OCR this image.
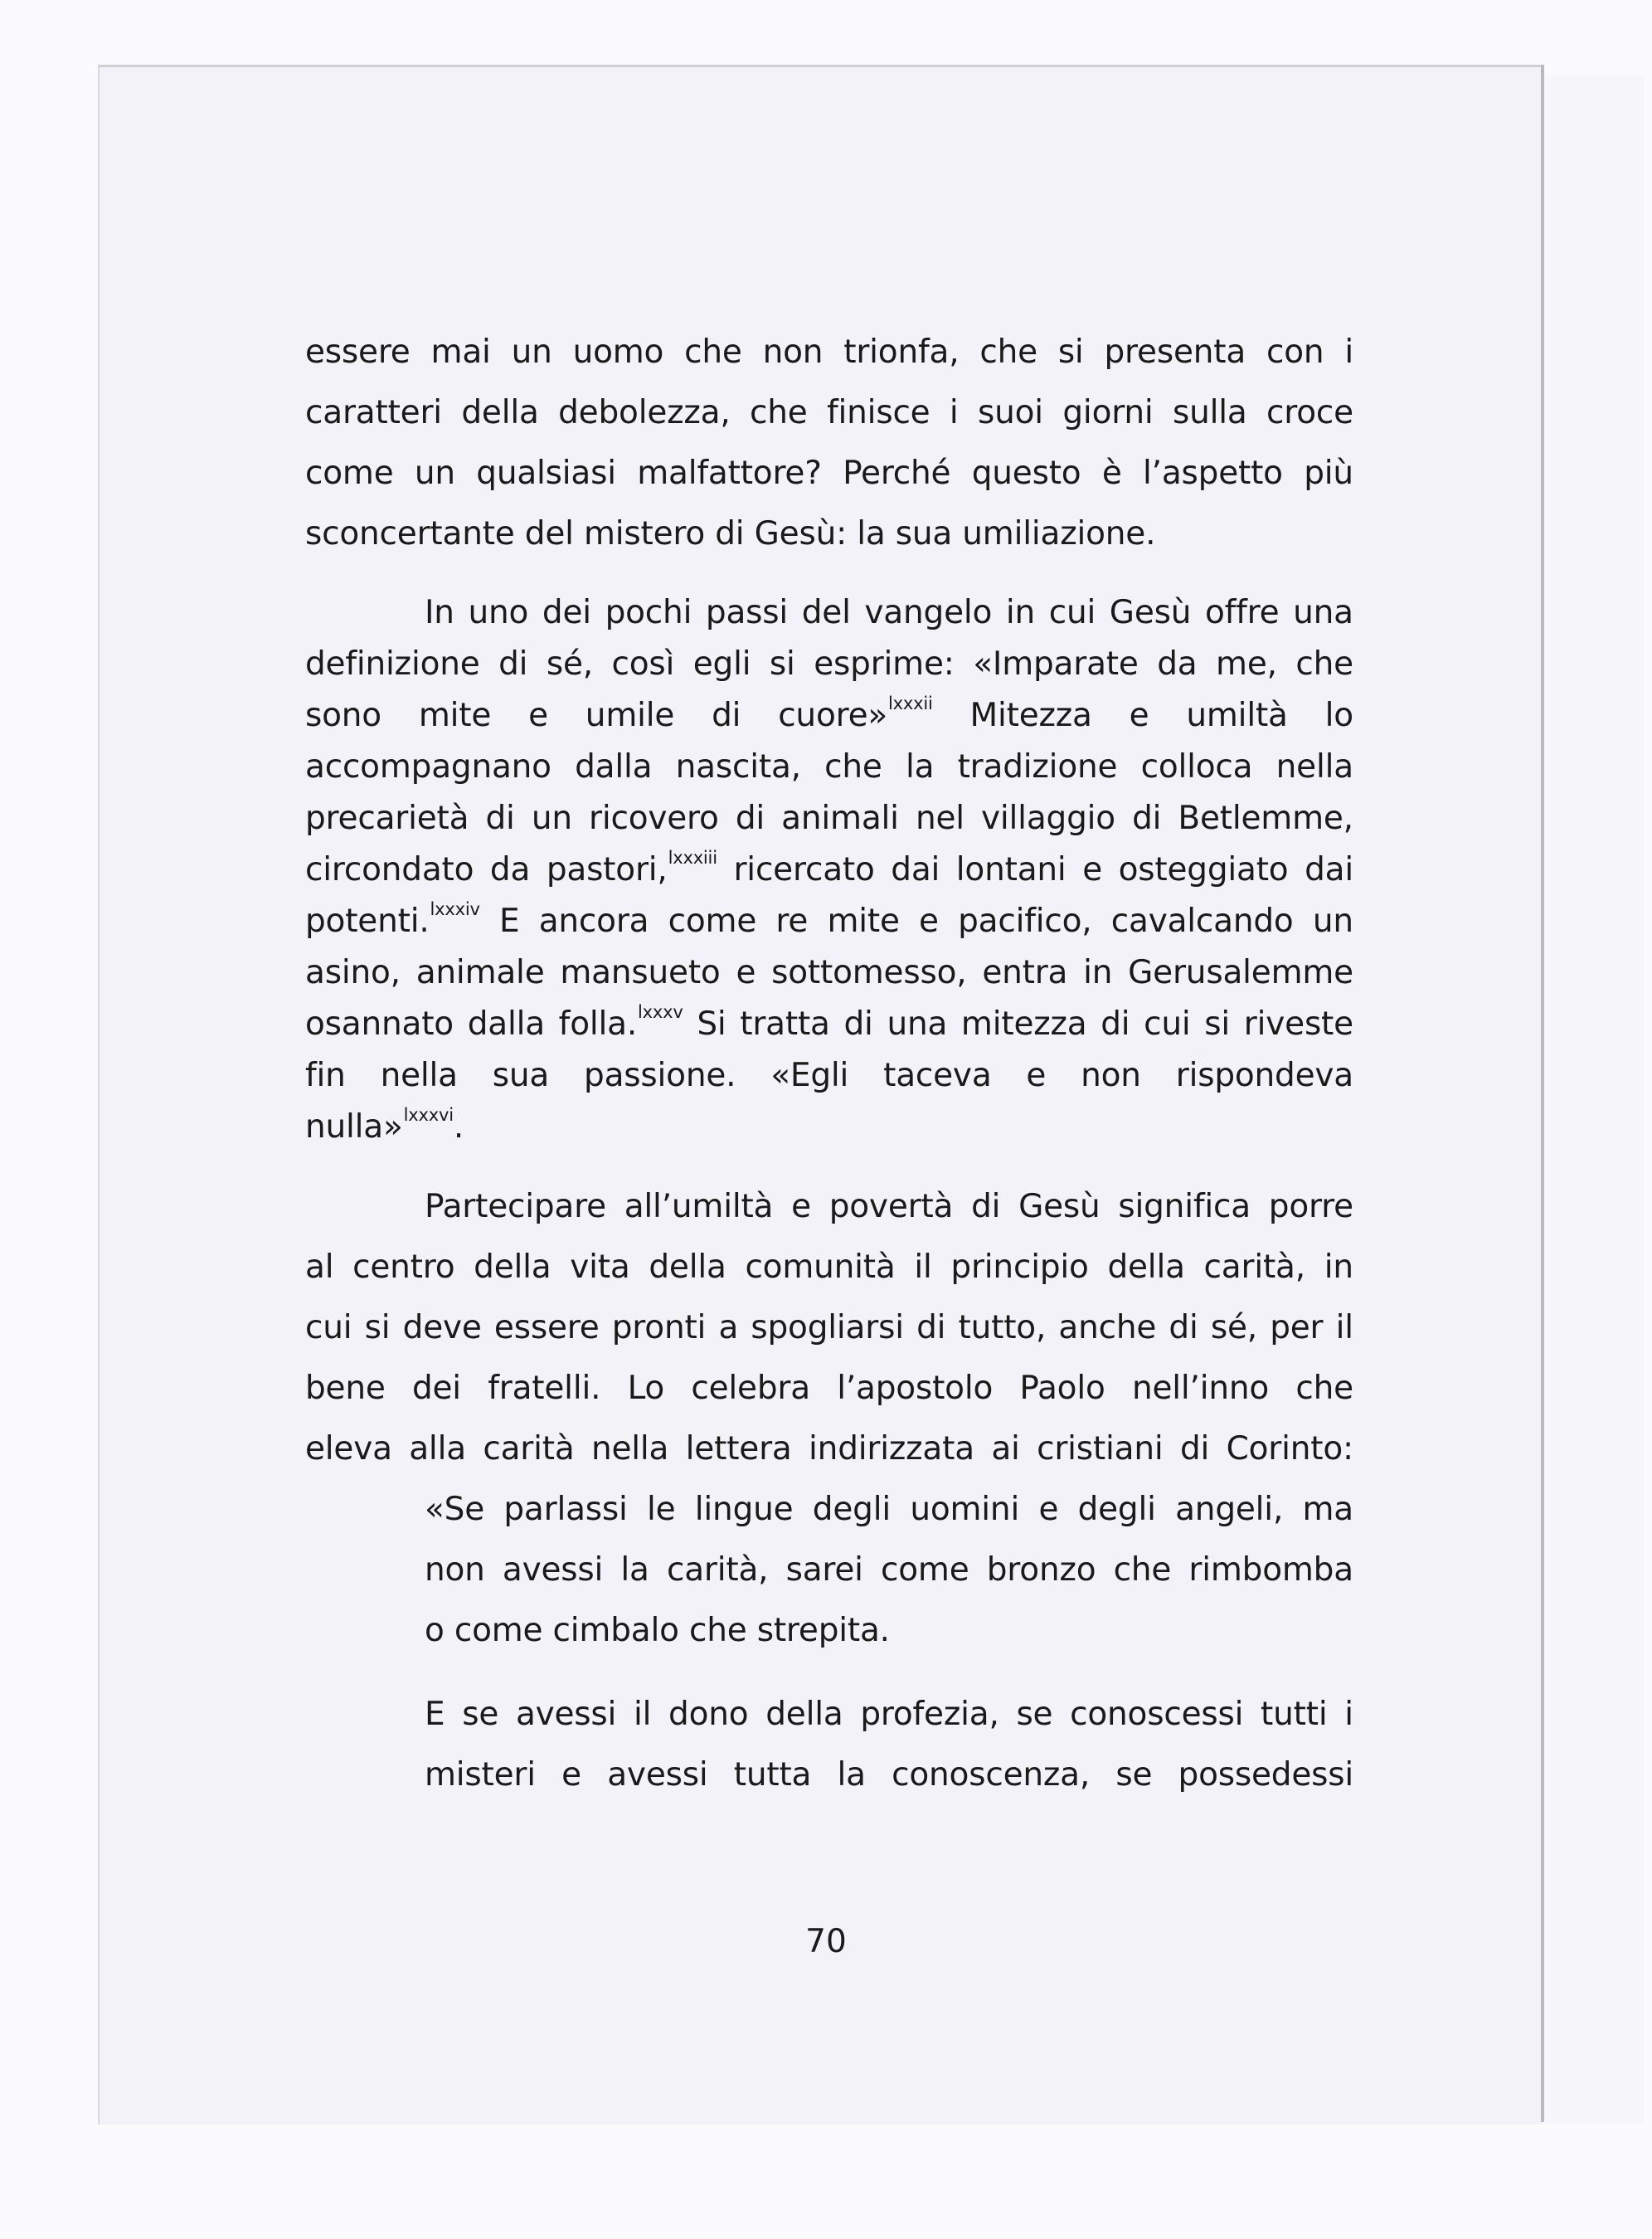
essere mai un uomo che non trionfa, che si presenta con i
caratteri della debolezza, che finisce i suoi giorni sulla croce
come un qualsiasi malfattore? Perché questo è l’aspetto più
sconcertante del mistero di Gesù: la sua umiliazione.
In uno dei pochi passi del vangelo in cui Gesù offre una
definizione di sé, così egli si esprime: «Imparate da me, che
sono mite e umile di cuore»$^{lxxxii}$ Mitezza e umiltà lo
accompagnano dalla nascita, che la tradizione colloca nella
precarietà di un ricovero di animali nel villaggio di Betlemme,
circondato da pastori,$^{lxxxiii}$ ricercato dai lontani e osteggiato dai
potenti.$^{lxxxiv}$ E ancora come re mite e pacifico, cavalcando un
asino, animale mansueto e sottomesso, entra in Gerusalemme
osannato dalla folla.$^{lxxxv}$ Si tratta di una mitezza di cui si riveste
fin nella sua passione. «Egli taceva e non rispondeva
nulla»$^{lxxxvi}$ .
Partecipare all’umiltà e povertà di Gesù significa porre
al centro della vita della comunità il principio della carità, in
cui si deve essere pronti a spogliarsi di tutto, anche di sé, per il
bene dei fratelli. Lo celebra l’apostolo Paolo nell’inno che
eleva alla carità nella lettera indirizzata ai cristiani di Corinto:
«Se parlassi le lingue degli uomini e degli angeli, ma
non avessi la carità, sarei come bronzo che rimbomba
o come cimbalo che strepita.
E se avessi il dono della profezia, se conoscessi tutti i
misteri e avessi tutta la conoscenza, se possedessi
70
